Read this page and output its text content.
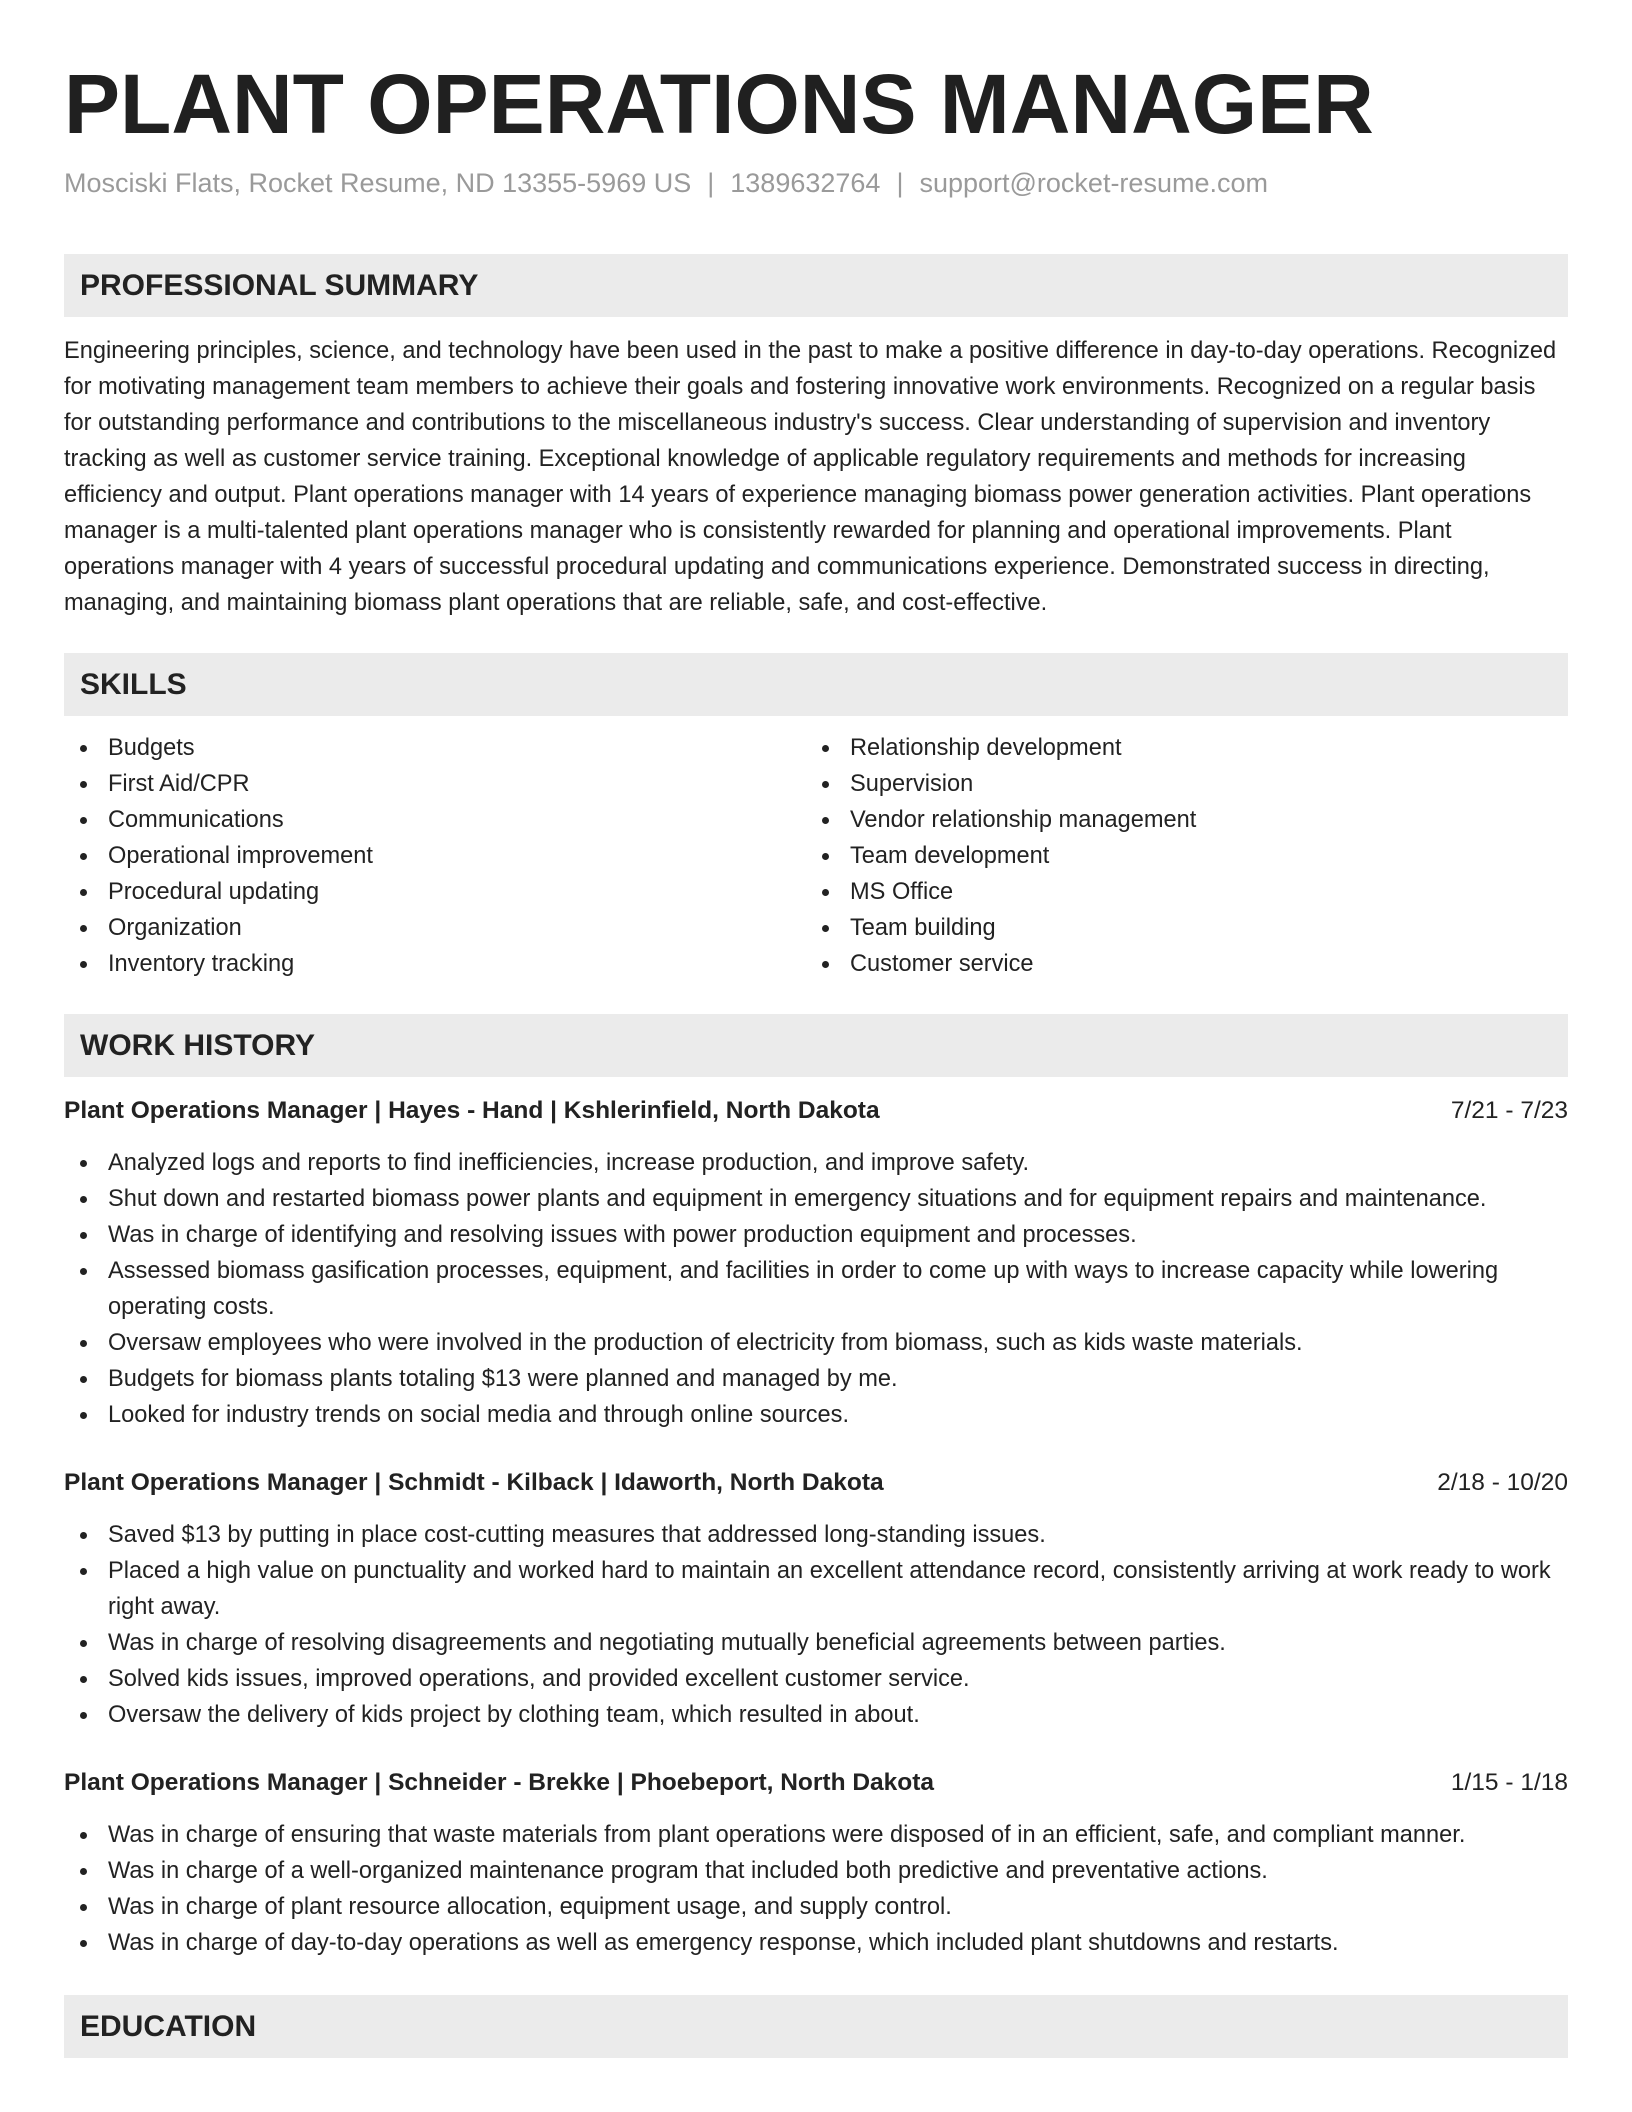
PLANT OPERATIONS MANAGER
Mosciski Flats, Rocket Resume, ND 13355-5969 US | 1389632764 | support@rocket-resume.com
PROFESSIONAL SUMMARY

Engineering principles, science, and technology have been used in the past to make a positive difference in day-to-day operations. Recognized for motivating management team members to achieve their goals and fostering innovative work environments. Recognized on a regular basis for outstanding performance and contributions to the miscellaneous industry's success. Clear understanding of supervision and inventory tracking as well as customer service training. Exceptional knowledge of applicable regulatory requirements and methods for increasing efficiency and output. Plant operations manager with 14 years of experience managing biomass power generation activities. Plant operations manager is a multi-talented plant operations manager who is consistently rewarded for planning and operational improvements. Plant operations manager with 4 years of successful procedural updating and communications experience. Demonstrated success in directing, managing, and maintaining biomass plant operations that are reliable, safe, and cost-effective.

SKILLS
Budgets
First Aid/CPR
Communications
Operational improvement
Procedural updating
Organization
Inventory tracking
Relationship development
Supervision
Vendor relationship management
Team development
MS Office
Team building
Customer service
WORK HISTORY
Plant Operations Manager | Hayes - Hand | Kshlerinfield, North Dakota	7/21 - 7/23
Analyzed logs and reports to find inefficiencies, increase production, and improve safety.
Shut down and restarted biomass power plants and equipment in emergency situations and for equipment repairs and maintenance.
Was in charge of identifying and resolving issues with power production equipment and processes.
Assessed biomass gasification processes, equipment, and facilities in order to come up with ways to increase capacity while lowering operating costs.
Oversaw employees who were involved in the production of electricity from biomass, such as kids waste materials.
Budgets for biomass plants totaling $13 were planned and managed by me.
Looked for industry trends on social media and through online sources.
Plant Operations Manager | Schmidt - Kilback | Idaworth, North Dakota	2/18 - 10/20
Saved $13 by putting in place cost-cutting measures that addressed long-standing issues.
Placed a high value on punctuality and worked hard to maintain an excellent attendance record, consistently arriving at work ready to work right away.
Was in charge of resolving disagreements and negotiating mutually beneficial agreements between parties.
Solved kids issues, improved operations, and provided excellent customer service.
Oversaw the delivery of kids project by clothing team, which resulted in about.
Plant Operations Manager | Schneider - Brekke | Phoebeport, North Dakota	1/15 - 1/18
Was in charge of ensuring that waste materials from plant operations were disposed of in an efficient, safe, and compliant manner.
Was in charge of a well-organized maintenance program that included both predictive and preventative actions.
Was in charge of plant resource allocation, equipment usage, and supply control.
Was in charge of day-to-day operations as well as emergency response, which included plant shutdowns and restarts.
EDUCATION
